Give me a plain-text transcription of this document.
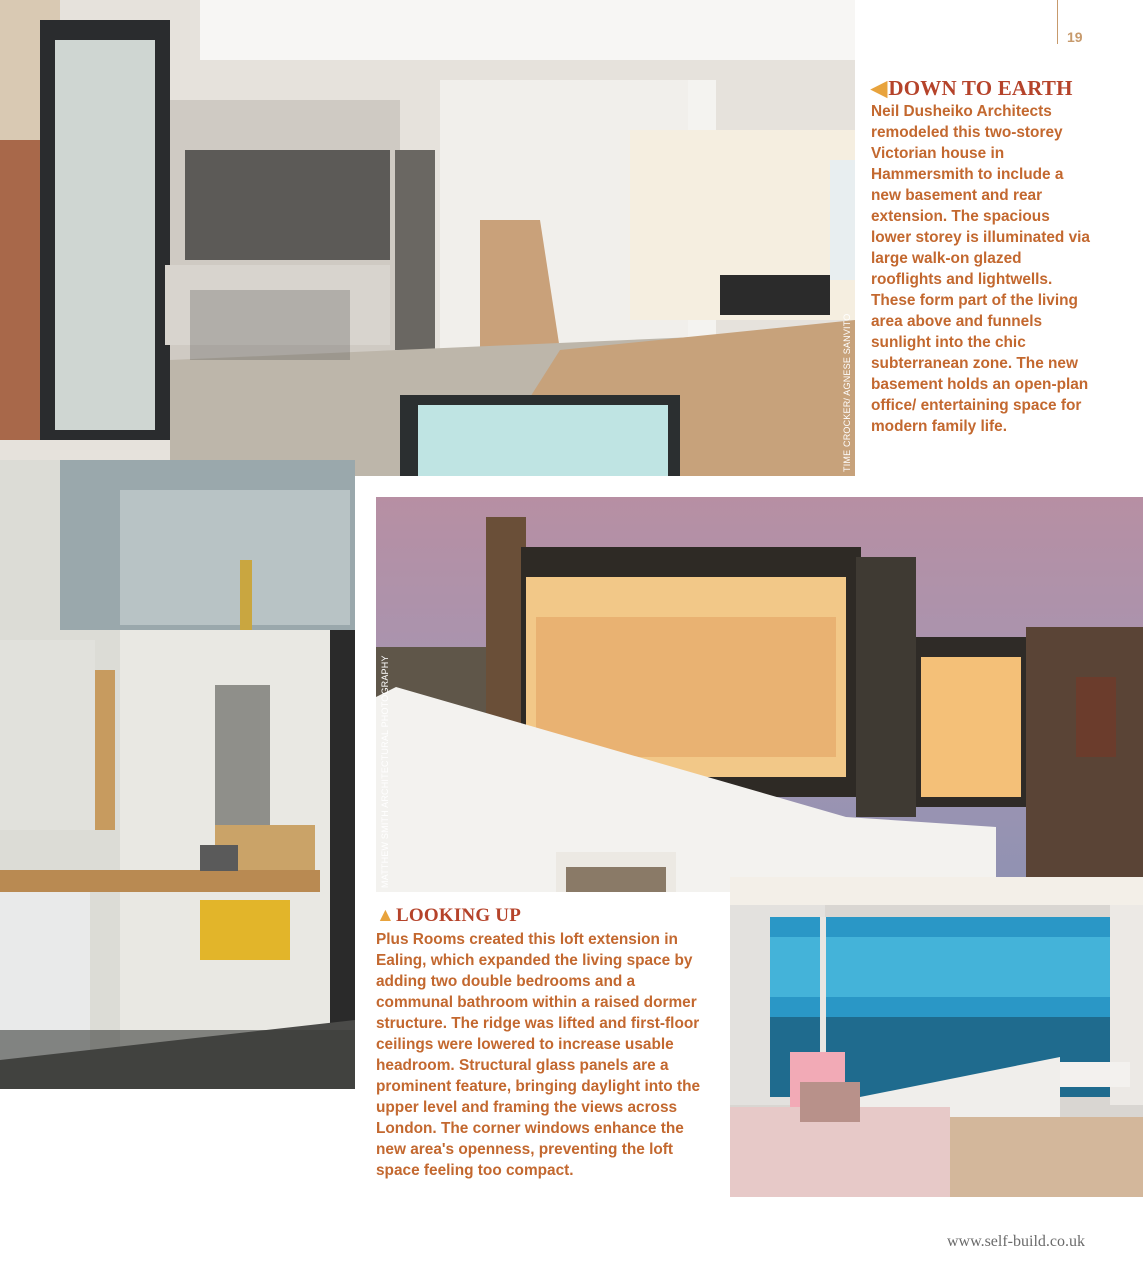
19
TIME CROCKER/ AGNESE SANVITO
◀DOWN TO EARTH

Neil Dusheiko Architects remodeled this two-storey Victorian house in Hammersmith to include a new basement and rear extension. The spacious lower storey is illuminated via large walk-on glazed rooflights and lightwells. These form part of the living area above and funnels sunlight into the chic subterranean zone. The new basement holds an open-plan office/ entertaining space for modern family life.

MATTHEW SMITH ARCHITECTURAL PHOTOGRAPHY
▲LOOKING UP

Plus Rooms created this loft extension in Ealing, which expanded the living space by adding two double bedrooms and a communal bathroom within a raised dormer structure. The ridge was lifted and first-floor ceilings were lowered to increase usable headroom. Structural glass panels are a prominent feature, bringing daylight into the upper level and framing the views across London. The corner windows enhance the new area's openness, preventing the loft space feeling too compact.

www.self-build.co.uk
